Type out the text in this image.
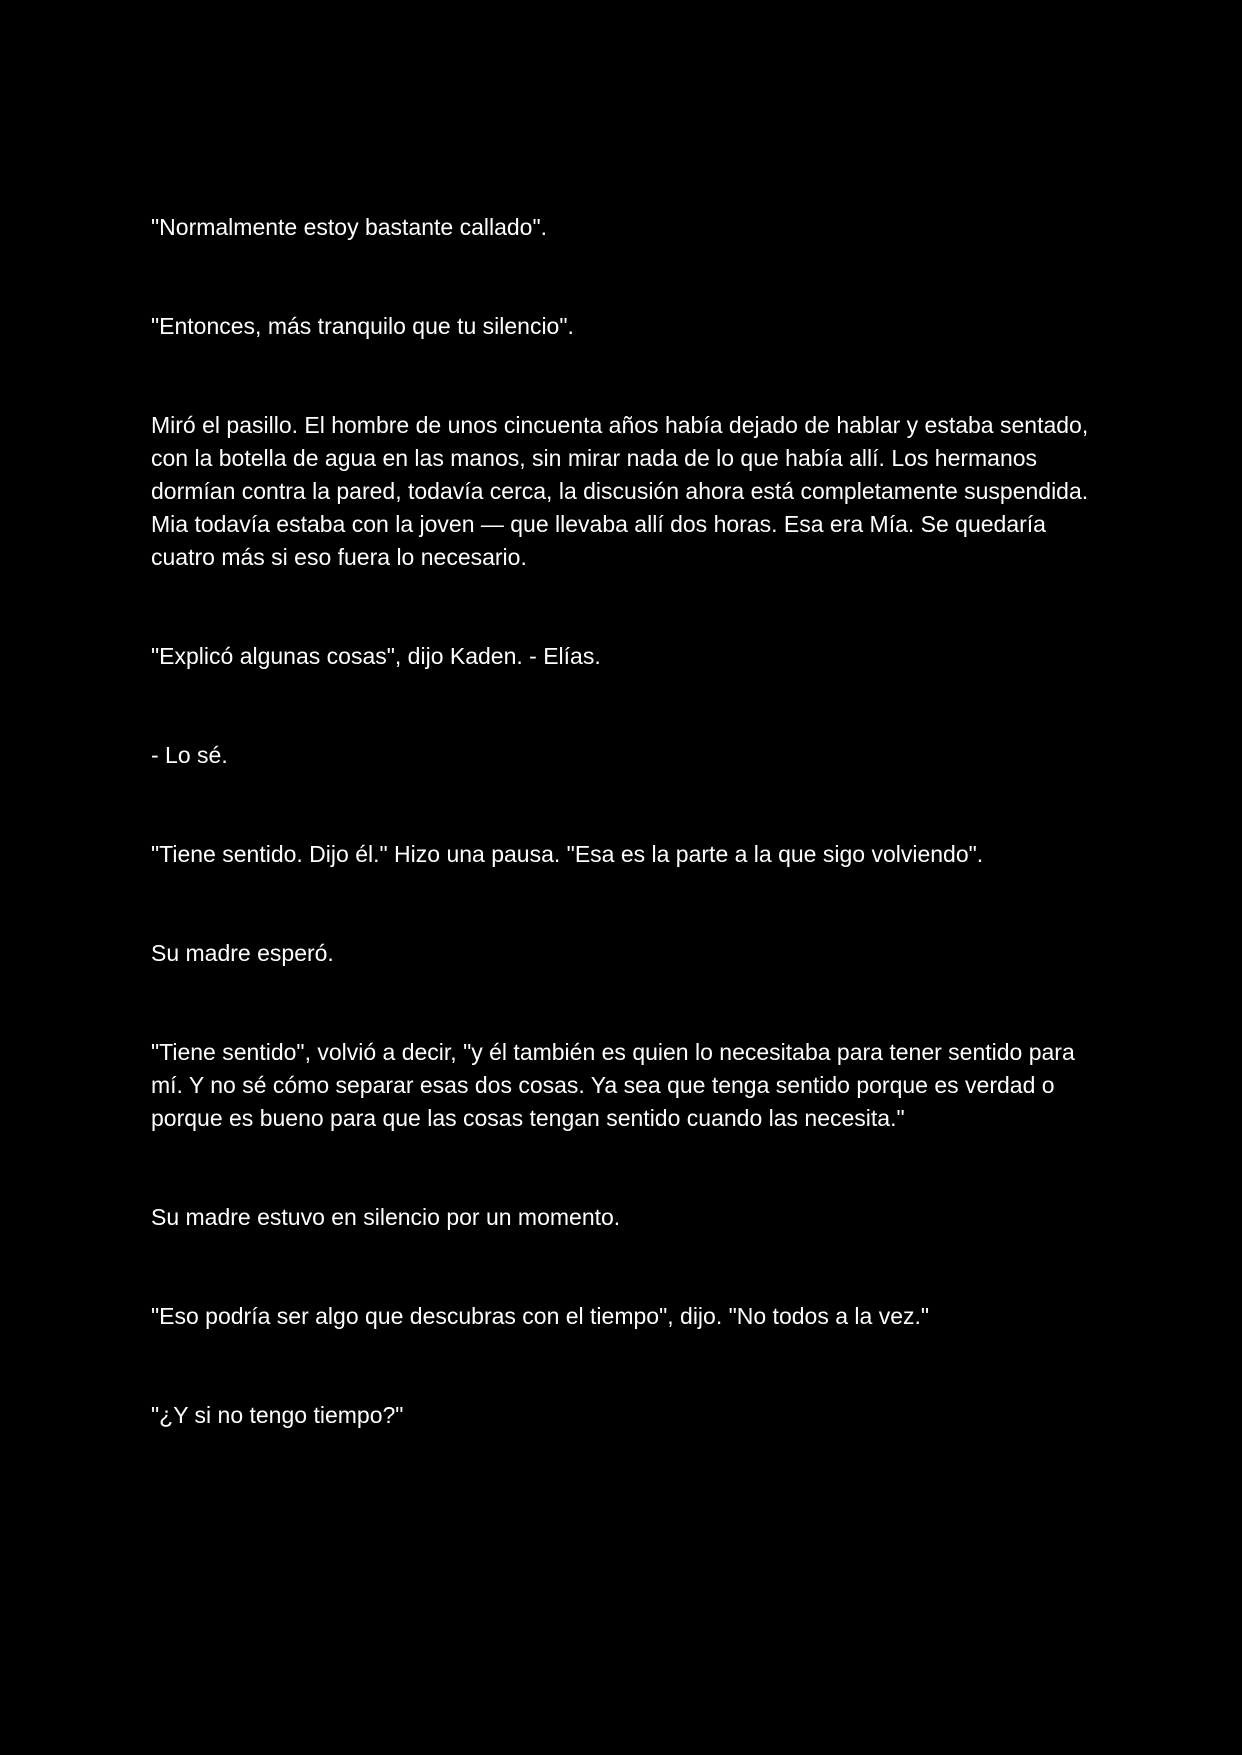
"Normalmente estoy bastante callado".

"Entonces, más tranquilo que tu silencio".

Miró el pasillo. El hombre de unos cincuenta años había dejado de hablar y estaba sentado, con la botella de agua en las manos, sin mirar nada de lo que había allí. Los hermanos dormían contra la pared, todavía cerca, la discusión ahora está completamente suspendida. Mia todavía estaba con la joven — que llevaba allí dos horas. Esa era Mía. Se quedaría cuatro más si eso fuera lo necesario.

"Explicó algunas cosas", dijo Kaden. - Elías.

- Lo sé.

"Tiene sentido. Dijo él." Hizo una pausa. "Esa es la parte a la que sigo volviendo".

Su madre esperó.

"Tiene sentido", volvió a decir, "y él también es quien lo necesitaba para tener sentido para mí. Y no sé cómo separar esas dos cosas. Ya sea que tenga sentido porque es verdad o porque es bueno para que las cosas tengan sentido cuando las necesita."

Su madre estuvo en silencio por un momento.

"Eso podría ser algo que descubras con el tiempo", dijo. "No todos a la vez."

"¿Y si no tengo tiempo?"
